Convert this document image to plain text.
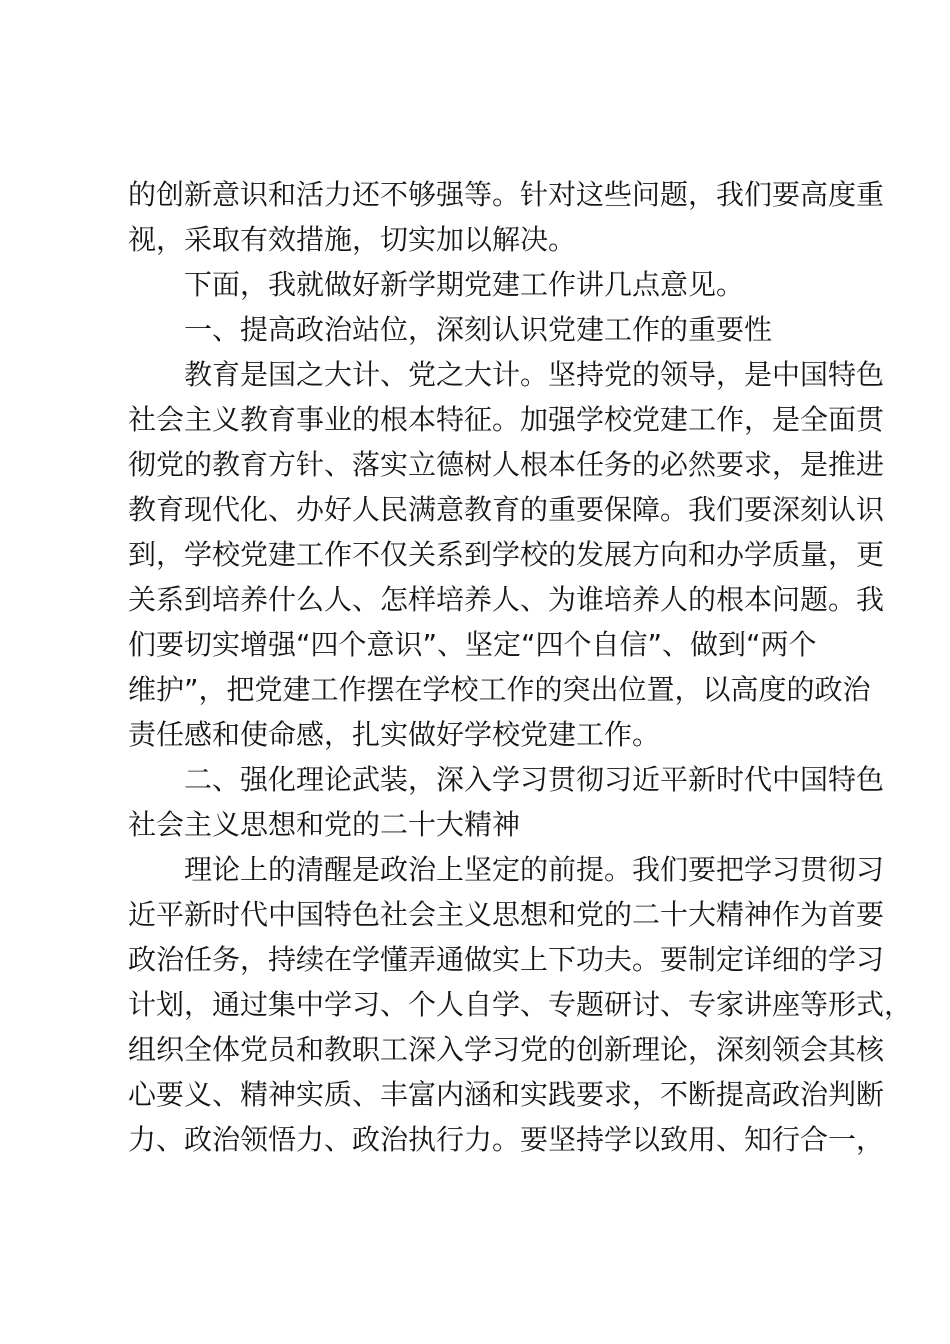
的创新意识和活力还不够强等。针对这些问题，我们要高度重
视，采取有效措施，切实加以解决。
下面，我就做好新学期党建工作讲几点意见。
一、提高政治站位，深刻认识党建工作的重要性
教育是国之大计、党之大计。坚持党的领导，是中国特色
社会主义教育事业的根本特征。加强学校党建工作，是全面贯
彻党的教育方针、落实立德树人根本任务的必然要求，是推进
教育现代化、办好人民满意教育的重要保障。我们要深刻认识
到，学校党建工作不仅关系到学校的发展方向和办学质量，更
关系到培养什么人、怎样培养人、为谁培养人的根本问题。我
们要切实增强“四个意识”、坚定“四个自信”、做到“两个
维护”，把党建工作摆在学校工作的突出位置，以高度的政治
责任感和使命感，扎实做好学校党建工作。
二、强化理论武装，深入学习贯彻习近平新时代中国特色
社会主义思想和党的二十大精神
理论上的清醒是政治上坚定的前提。我们要把学习贯彻习
近平新时代中国特色社会主义思想和党的二十大精神作为首要
政治任务，持续在学懂弄通做实上下功夫。要制定详细的学习
计划，通过集中学习、个人自学、专题研讨、专家讲座等形式，
组织全体党员和教职工深入学习党的创新理论，深刻领会其核
心要义、精神实质、丰富内涵和实践要求，不断提高政治判断
力、政治领悟力、政治执行力。要坚持学以致用、知行合一，
